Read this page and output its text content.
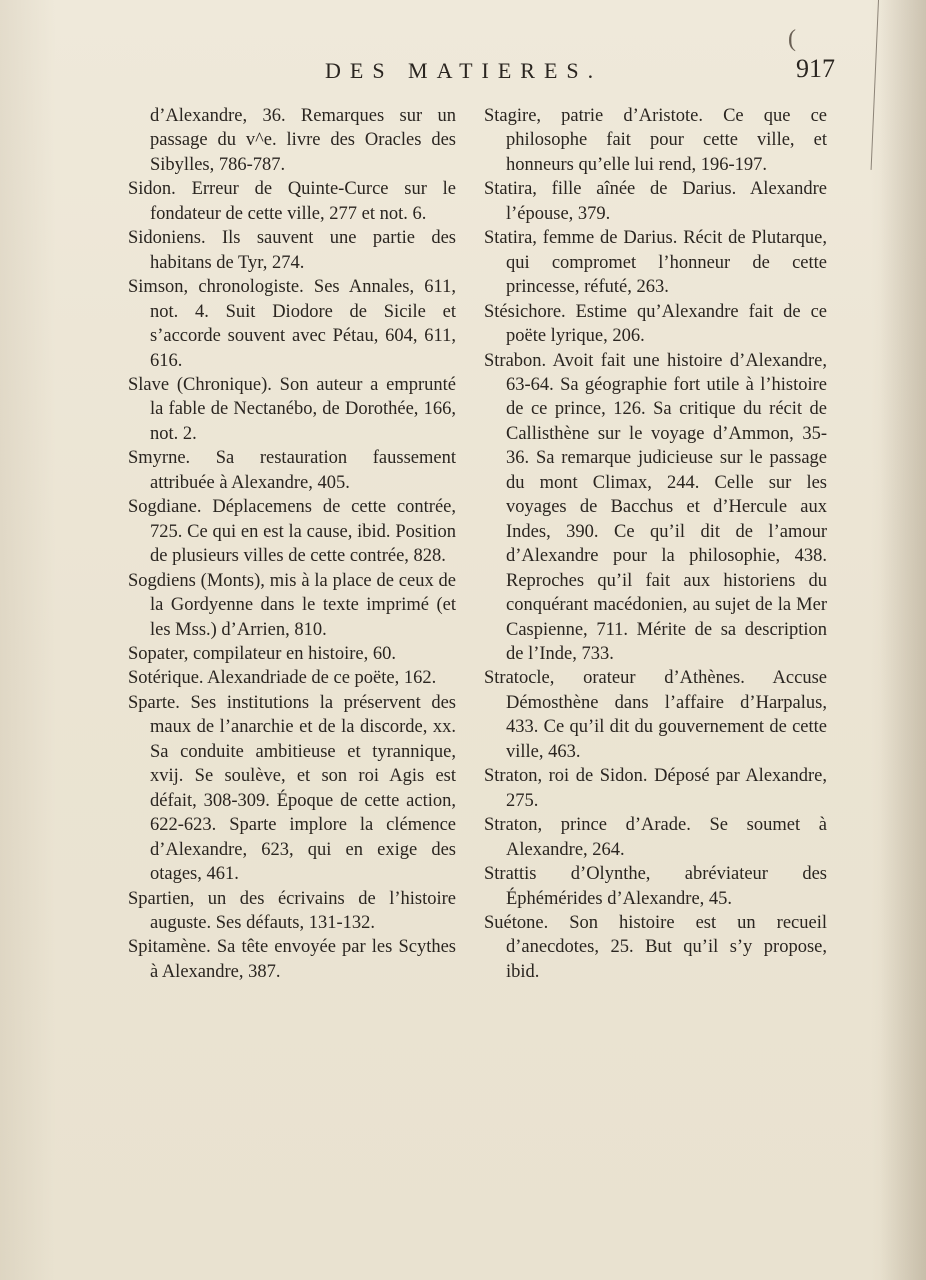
(
DES MATIERES.	917

d’Alexandre, 36. Remarques sur un passage du v^e. livre des Oracles des Sibylles, 786-787.

Sidon. Erreur de Quinte-Curce sur le fondateur de cette ville, 277 et not. 6.

Sidoniens. Ils sauvent une partie des habitans de Tyr, 274.

Simson, chronologiste. Ses Annales, 611, not. 4. Suit Diodore de Sicile et s’accorde souvent avec Pétau, 604, 611, 616.

Slave (Chronique). Son auteur a emprunté la fable de Nectanébo, de Dorothée, 166, not. 2.

Smyrne. Sa restauration faussement attribuée à Alexandre, 405.

Sogdiane. Déplacemens de cette contrée, 725. Ce qui en est la cause, ibid. Position de plusieurs villes de cette contrée, 828.

Sogdiens (Monts), mis à la place de ceux de la Gordyenne dans le texte imprimé (et les Mss.) d’Arrien, 810.

Sopater, compilateur en histoire, 60.

Sotérique. Alexandriade de ce poëte, 162.

Sparte. Ses institutions la préservent des maux de l’anarchie et de la discorde, xx. Sa conduite ambitieuse et tyrannique, xvij. Se soulève, et son roi Agis est défait, 308-309. Époque de cette action, 622-623. Sparte implore la clémence d’Alexandre, 623, qui en exige des otages, 461.

Spartien, un des écrivains de l’histoire auguste. Ses défauts, 131-132.

Spitamène. Sa tête envoyée par les Scythes à Alexandre, 387.

Stagire, patrie d’Aristote. Ce que ce philosophe fait pour cette ville, et honneurs qu’elle lui rend, 196-197.

Statira, fille aînée de Darius. Alexandre l’épouse, 379.

Statira, femme de Darius. Récit de Plutarque, qui compromet l’honneur de cette princesse, réfuté, 263.

Stésichore. Estime qu’Alexandre fait de ce poëte lyrique, 206.

Strabon. Avoit fait une histoire d’Alexandre, 63-64. Sa géographie fort utile à l’histoire de ce prince, 126. Sa critique du récit de Callisthène sur le voyage d’Ammon, 35-36. Sa remarque judicieuse sur le passage du mont Climax, 244. Celle sur les voyages de Bacchus et d’Hercule aux Indes, 390. Ce qu’il dit de l’amour d’Alexandre pour la philosophie, 438. Reproches qu’il fait aux historiens du conquérant macédonien, au sujet de la Mer Caspienne, 711. Mérite de sa description de l’Inde, 733.

Stratocle, orateur d’Athènes. Accuse Démosthène dans l’affaire d’Harpalus, 433. Ce qu’il dit du gouvernement de cette ville, 463.

Straton, roi de Sidon. Déposé par Alexandre, 275.

Straton, prince d’Arade. Se soumet à Alexandre, 264.

Strattis d’Olynthe, abréviateur des Éphémérides d’Alexandre, 45.

Suétone. Son histoire est un recueil d’anecdotes, 25. But qu’il s’y propose, ibid.
